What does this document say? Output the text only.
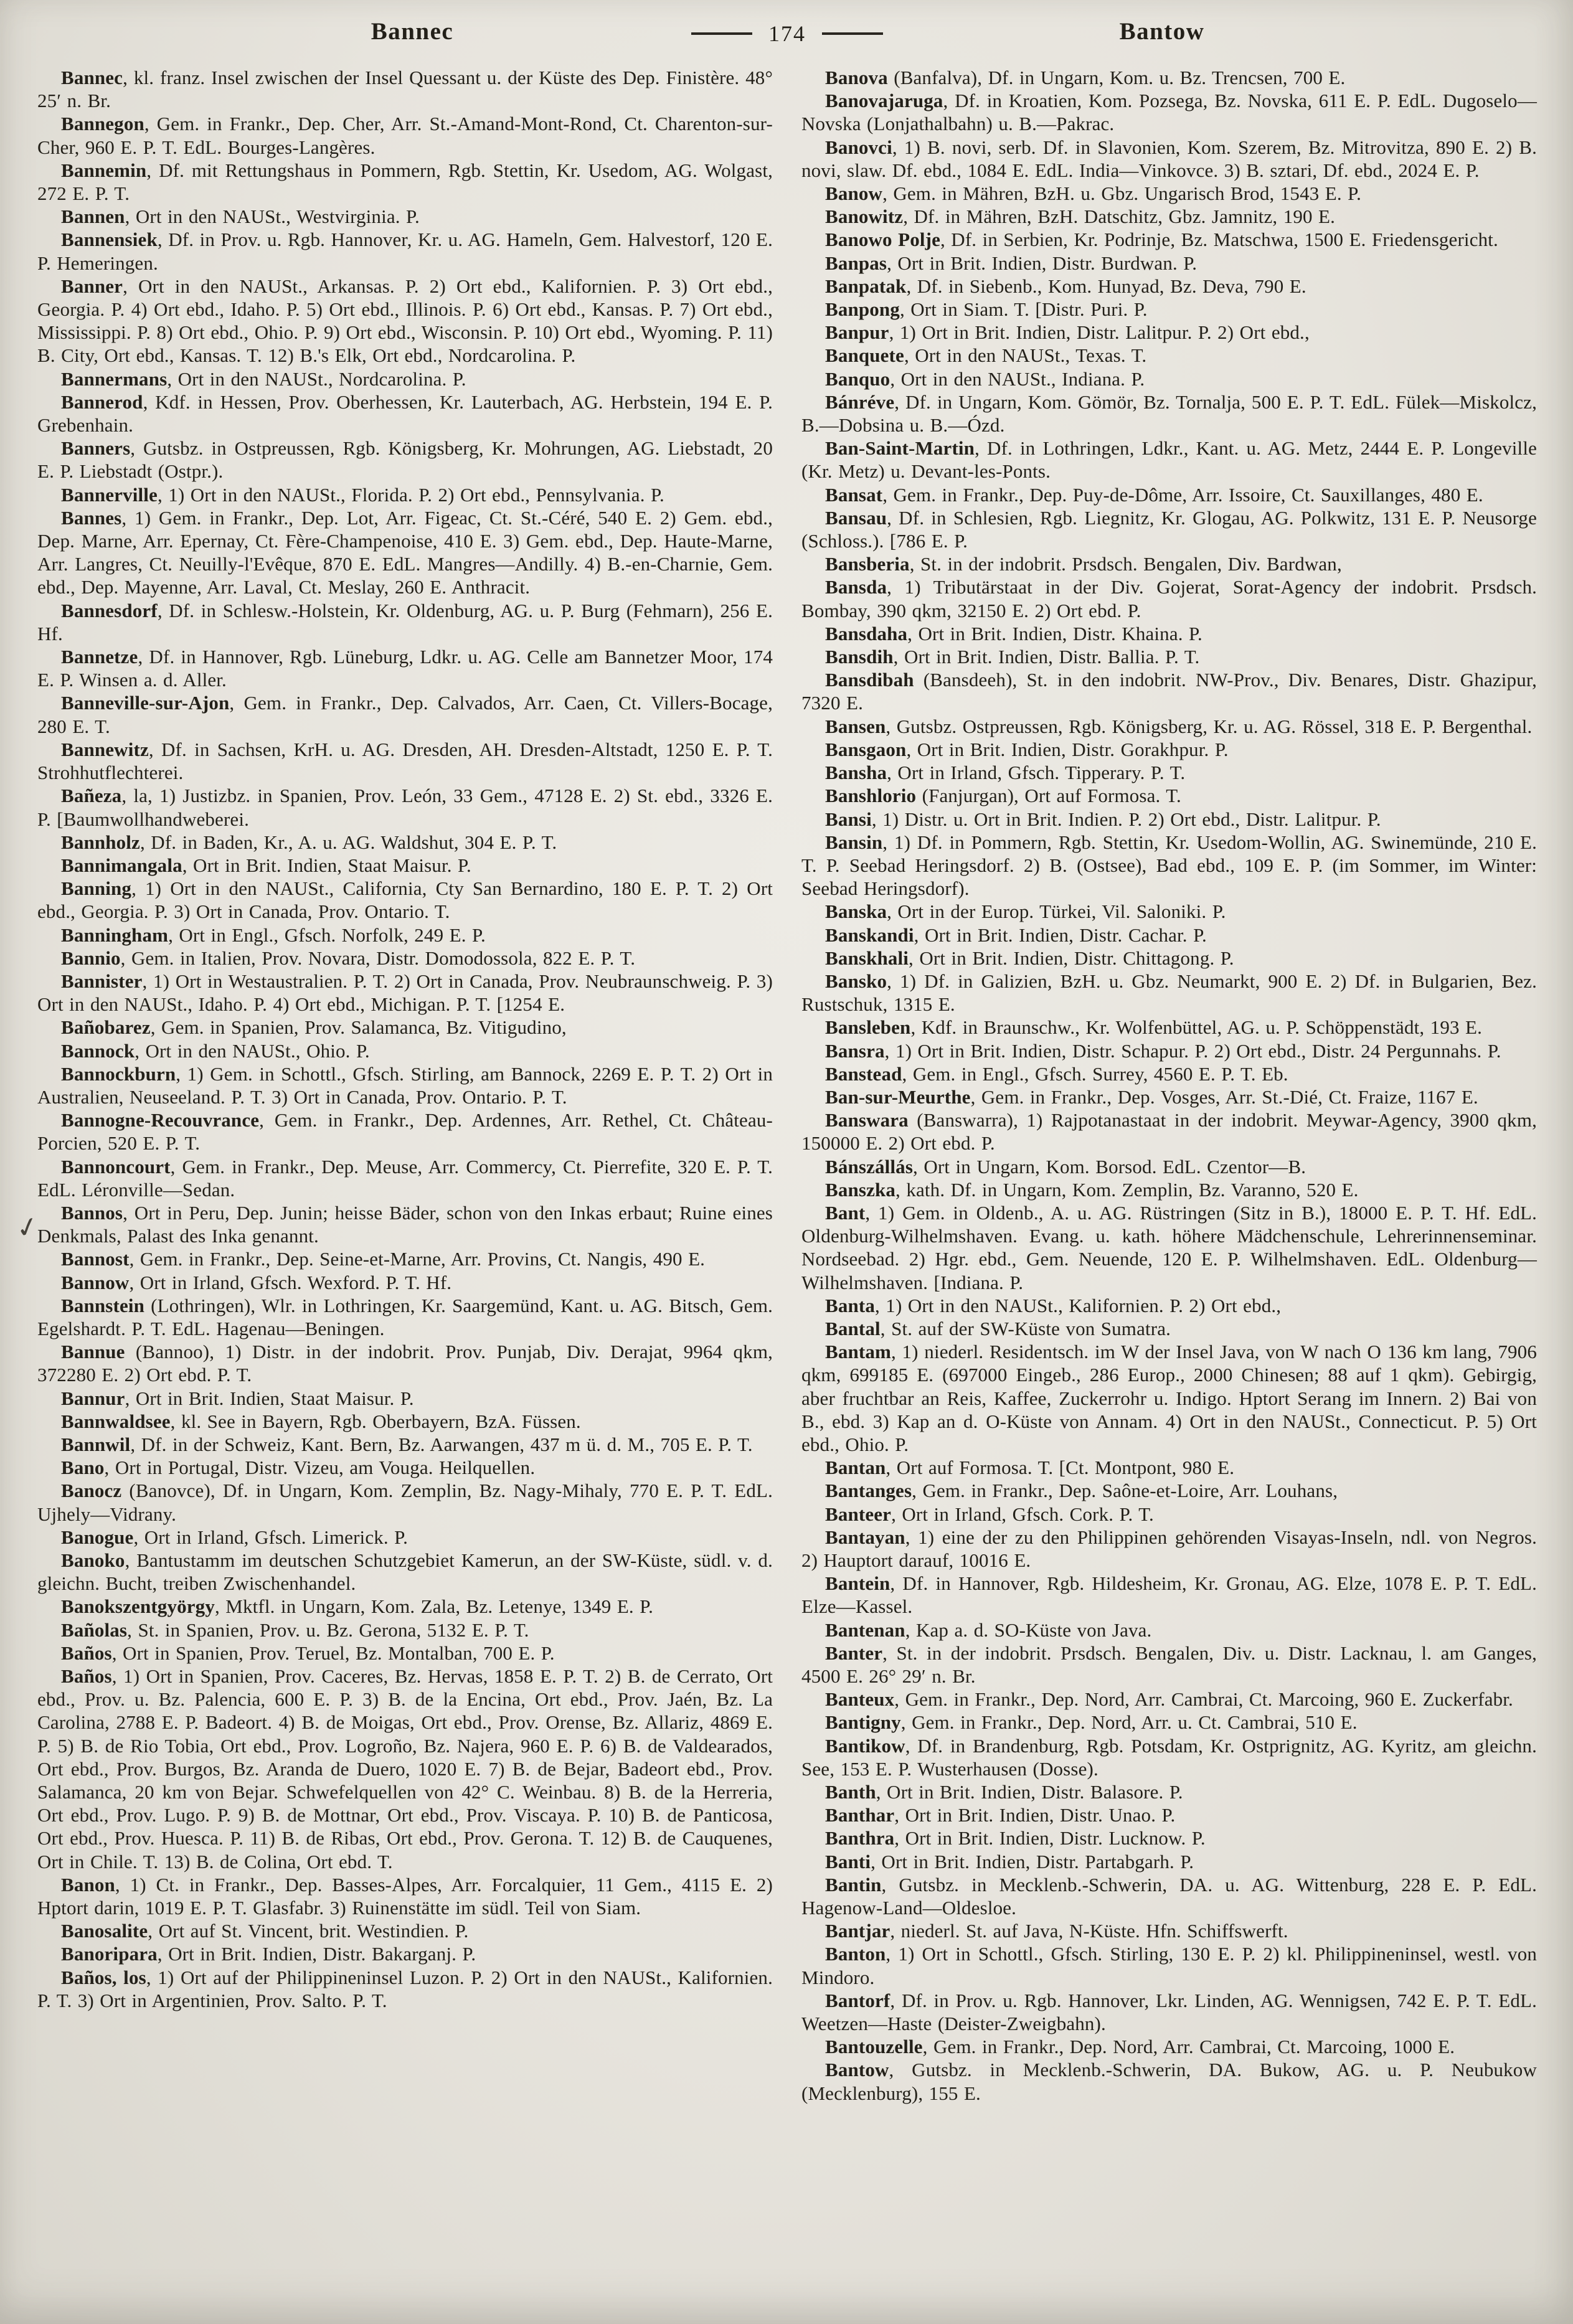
Bannec	174	Bantow

Bannec, kl. franz. Insel zwischen der Insel Quessant u. der Küste des Dep. Finistère. 48° 25′ n. Br.

Bannegon, Gem. in Frankr., Dep. Cher, Arr. St.-Amand-Mont-Rond, Ct. Charenton-sur-Cher, 960 E. P. T. EdL. Bourges-Langères.

Bannemin, Df. mit Rettungshaus in Pommern, Rgb. Stettin, Kr. Usedom, AG. Wolgast, 272 E. P. T.

Bannen, Ort in den NAUSt., Westvirginia. P.

Bannensiek, Df. in Prov. u. Rgb. Hannover, Kr. u. AG. Hameln, Gem. Halvestorf, 120 E. P. Hemeringen.

Banner, Ort in den NAUSt., Arkansas. P. 2) Ort ebd., Kalifornien. P. 3) Ort ebd., Georgia. P. 4) Ort ebd., Idaho. P. 5) Ort ebd., Illinois. P. 6) Ort ebd., Kansas. P. 7) Ort ebd., Mississippi. P. 8) Ort ebd., Ohio. P. 9) Ort ebd., Wisconsin. P. 10) Ort ebd., Wyoming. P. 11) B. City, Ort ebd., Kansas. T. 12) B.'s Elk, Ort ebd., Nordcarolina. P.

Bannermans, Ort in den NAUSt., Nordcarolina. P.

Bannerod, Kdf. in Hessen, Prov. Oberhessen, Kr. Lauterbach, AG. Herbstein, 194 E. P. Grebenhain.

Banners, Gutsbz. in Ostpreussen, Rgb. Königsberg, Kr. Mohrungen, AG. Liebstadt, 20 E. P. Liebstadt (Ostpr.).

Bannerville, 1) Ort in den NAUSt., Florida. P. 2) Ort ebd., Pennsylvania. P.

Bannes, 1) Gem. in Frankr., Dep. Lot, Arr. Figeac, Ct. St.-Céré, 540 E. 2) Gem. ebd., Dep. Marne, Arr. Epernay, Ct. Fère-Champenoise, 410 E. 3) Gem. ebd., Dep. Haute-Marne, Arr. Langres, Ct. Neuilly-l'Evêque, 870 E. EdL. Mangres—Andilly. 4) B.-en-Charnie, Gem. ebd., Dep. Mayenne, Arr. Laval, Ct. Meslay, 260 E. Anthracit.

Bannesdorf, Df. in Schlesw.-Holstein, Kr. Oldenburg, AG. u. P. Burg (Fehmarn), 256 E. Hf.

Bannetze, Df. in Hannover, Rgb. Lüneburg, Ldkr. u. AG. Celle am Bannetzer Moor, 174 E. P. Winsen a. d. Aller.

Banneville-sur-Ajon, Gem. in Frankr., Dep. Calvados, Arr. Caen, Ct. Villers-Bocage, 280 E. T.

Bannewitz, Df. in Sachsen, KrH. u. AG. Dresden, AH. Dresden-Altstadt, 1250 E. P. T. Strohhutflechterei.

Bañeza, la, 1) Justizbz. in Spanien, Prov. León, 33 Gem., 47128 E. 2) St. ebd., 3326 E. P. [Baumwollhandweberei.

Bannholz, Df. in Baden, Kr., A. u. AG. Waldshut, 304 E. P. T.

Bannimangala, Ort in Brit. Indien, Staat Maisur. P.

Banning, 1) Ort in den NAUSt., California, Cty San Bernardino, 180 E. P. T. 2) Ort ebd., Georgia. P. 3) Ort in Canada, Prov. Ontario. T.

Banningham, Ort in Engl., Gfsch. Norfolk, 249 E. P.

Bannio, Gem. in Italien, Prov. Novara, Distr. Domodossola, 822 E. P. T.

Bannister, 1) Ort in Westaustralien. P. T. 2) Ort in Canada, Prov. Neubraunschweig. P. 3) Ort in den NAUSt., Idaho. P. 4) Ort ebd., Michigan. P. T. [1254 E.

Bañobarez, Gem. in Spanien, Prov. Salamanca, Bz. Vitigudino,

Bannock, Ort in den NAUSt., Ohio. P.

Bannockburn, 1) Gem. in Schottl., Gfsch. Stirling, am Bannock, 2269 E. P. T. 2) Ort in Australien, Neuseeland. P. T. 3) Ort in Canada, Prov. Ontario. P. T.

Bannogne-Recouvrance, Gem. in Frankr., Dep. Ardennes, Arr. Rethel, Ct. Château-Porcien, 520 E. P. T.

Bannoncourt, Gem. in Frankr., Dep. Meuse, Arr. Commercy, Ct. Pierrefite, 320 E. P. T. EdL. Léronville—Sedan.

Bannos, Ort in Peru, Dep. Junin; heisse Bäder, schon von den Inkas erbaut; Ruine eines Denkmals, Palast des Inka genannt.

Bannost, Gem. in Frankr., Dep. Seine-et-Marne, Arr. Provins, Ct. Nangis, 490 E.

Bannow, Ort in Irland, Gfsch. Wexford. P. T. Hf.

Bannstein (Lothringen), Wlr. in Lothringen, Kr. Saargemünd, Kant. u. AG. Bitsch, Gem. Egelshardt. P. T. EdL. Hagenau—Beningen.

Bannue (Bannoo), 1) Distr. in der indobrit. Prov. Punjab, Div. Derajat, 9964 qkm, 372280 E. 2) Ort ebd. P. T.

Bannur, Ort in Brit. Indien, Staat Maisur. P.

Bannwaldsee, kl. See in Bayern, Rgb. Oberbayern, BzA. Füssen.

Bannwil, Df. in der Schweiz, Kant. Bern, Bz. Aarwangen, 437 m ü. d. M., 705 E. P. T.

Bano, Ort in Portugal, Distr. Vizeu, am Vouga. Heilquellen.

Banocz (Banovce), Df. in Ungarn, Kom. Zemplin, Bz. Nagy-Mihaly, 770 E. P. T. EdL. Ujhely—Vidrany.

Banogue, Ort in Irland, Gfsch. Limerick. P.

Banoko, Bantustamm im deutschen Schutzgebiet Kamerun, an der SW-Küste, südl. v. d. gleichn. Bucht, treiben Zwischenhandel.

Banokszentgyörgy, Mktfl. in Ungarn, Kom. Zala, Bz. Letenye, 1349 E. P.

Bañolas, St. in Spanien, Prov. u. Bz. Gerona, 5132 E. P. T.

Baños, Ort in Spanien, Prov. Teruel, Bz. Montalban, 700 E. P.

Baños, 1) Ort in Spanien, Prov. Caceres, Bz. Hervas, 1858 E. P. T. 2) B. de Cerrato, Ort ebd., Prov. u. Bz. Palencia, 600 E. P. 3) B. de la Encina, Ort ebd., Prov. Jaén, Bz. La Carolina, 2788 E. P. Badeort. 4) B. de Moigas, Ort ebd., Prov. Orense, Bz. Allariz, 4869 E. P. 5) B. de Rio Tobia, Ort ebd., Prov. Logroño, Bz. Najera, 960 E. P. 6) B. de Valdearados, Ort ebd., Prov. Burgos, Bz. Aranda de Duero, 1020 E. 7) B. de Bejar, Badeort ebd., Prov. Salamanca, 20 km von Bejar. Schwefelquellen von 42° C. Weinbau. 8) B. de la Herreria, Ort ebd., Prov. Lugo. P. 9) B. de Mottnar, Ort ebd., Prov. Viscaya. P. 10) B. de Panticosa, Ort ebd., Prov. Huesca. P. 11) B. de Ribas, Ort ebd., Prov. Gerona. T. 12) B. de Cauquenes, Ort in Chile. T. 13) B. de Colina, Ort ebd. T.

Banon, 1) Ct. in Frankr., Dep. Basses-Alpes, Arr. Forcalquier, 11 Gem., 4115 E. 2) Hptort darin, 1019 E. P. T. Glasfabr. 3) Ruinenstätte im südl. Teil von Siam.

Banosalite, Ort auf St. Vincent, brit. Westindien. P.

Banoripara, Ort in Brit. Indien, Distr. Bakarganj. P.

Baños, los, 1) Ort auf der Philippineninsel Luzon. P. 2) Ort in den NAUSt., Kalifornien. P. T. 3) Ort in Argentinien, Prov. Salto. P. T.

Banova (Banfalva), Df. in Ungarn, Kom. u. Bz. Trencsen, 700 E.

Banovajaruga, Df. in Kroatien, Kom. Pozsega, Bz. Novska, 611 E. P. EdL. Dugoselo—Novska (Lonjathalbahn) u. B.—Pakrac.

Banovci, 1) B. novi, serb. Df. in Slavonien, Kom. Szerem, Bz. Mitrovitza, 890 E. 2) B. novi, slaw. Df. ebd., 1084 E. EdL. India—Vinkovce. 3) B. sztari, Df. ebd., 2024 E. P.

Banow, Gem. in Mähren, BzH. u. Gbz. Ungarisch Brod, 1543 E. P.

Banowitz, Df. in Mähren, BzH. Datschitz, Gbz. Jamnitz, 190 E.

Banowo Polje, Df. in Serbien, Kr. Podrinje, Bz. Matschwa, 1500 E. Friedensgericht.

Banpas, Ort in Brit. Indien, Distr. Burdwan. P.

Banpatak, Df. in Siebenb., Kom. Hunyad, Bz. Deva, 790 E.

Banpong, Ort in Siam. T. [Distr. Puri. P.

Banpur, 1) Ort in Brit. Indien, Distr. Lalitpur. P. 2) Ort ebd.,

Banquete, Ort in den NAUSt., Texas. T.

Banquo, Ort in den NAUSt., Indiana. P.

Bánréve, Df. in Ungarn, Kom. Gömör, Bz. Tornalja, 500 E. P. T. EdL. Fülek—Miskolcz, B.—Dobsina u. B.—Ózd.

Ban-Saint-Martin, Df. in Lothringen, Ldkr., Kant. u. AG. Metz, 2444 E. P. Longeville (Kr. Metz) u. Devant-les-Ponts.

Bansat, Gem. in Frankr., Dep. Puy-de-Dôme, Arr. Issoire, Ct. Sauxillanges, 480 E.

Bansau, Df. in Schlesien, Rgb. Liegnitz, Kr. Glogau, AG. Polkwitz, 131 E. P. Neusorge (Schloss.). [786 E. P.

Bansberia, St. in der indobrit. Prsdsch. Bengalen, Div. Bardwan,

Bansda, 1) Tributärstaat in der Div. Gojerat, Sorat-Agency der indobrit. Prsdsch. Bombay, 390 qkm, 32150 E. 2) Ort ebd. P.

Bansdaha, Ort in Brit. Indien, Distr. Khaina. P.

Bansdih, Ort in Brit. Indien, Distr. Ballia. P. T.

Bansdibah (Bansdeeh), St. in den indobrit. NW-Prov., Div. Benares, Distr. Ghazipur, 7320 E.

Bansen, Gutsbz. Ostpreussen, Rgb. Königsberg, Kr. u. AG. Rössel, 318 E. P. Bergenthal.

Bansgaon, Ort in Brit. Indien, Distr. Gorakhpur. P.

Bansha, Ort in Irland, Gfsch. Tipperary. P. T.

Banshlorio (Fanjurgan), Ort auf Formosa. T.

Bansi, 1) Distr. u. Ort in Brit. Indien. P. 2) Ort ebd., Distr. Lalitpur. P.

Bansin, 1) Df. in Pommern, Rgb. Stettin, Kr. Usedom-Wollin, AG. Swinemünde, 210 E. T. P. Seebad Heringsdorf. 2) B. (Ostsee), Bad ebd., 109 E. P. (im Sommer, im Winter: Seebad Heringsdorf).

Banska, Ort in der Europ. Türkei, Vil. Saloniki. P.

Banskandi, Ort in Brit. Indien, Distr. Cachar. P.

Banskhali, Ort in Brit. Indien, Distr. Chittagong. P.

Bansko, 1) Df. in Galizien, BzH. u. Gbz. Neumarkt, 900 E. 2) Df. in Bulgarien, Bez. Rustschuk, 1315 E.

Bansleben, Kdf. in Braunschw., Kr. Wolfenbüttel, AG. u. P. Schöppenstädt, 193 E.

Bansra, 1) Ort in Brit. Indien, Distr. Schapur. P. 2) Ort ebd., Distr. 24 Pergunnahs. P.

Banstead, Gem. in Engl., Gfsch. Surrey, 4560 E. P. T. Eb.

Ban-sur-Meurthe, Gem. in Frankr., Dep. Vosges, Arr. St.-Dié, Ct. Fraize, 1167 E.

Banswara (Banswarra), 1) Rajpotanastaat in der indobrit. Meywar-Agency, 3900 qkm, 150000 E. 2) Ort ebd. P.

Bánszállás, Ort in Ungarn, Kom. Borsod. EdL. Czentor—B.

Banszka, kath. Df. in Ungarn, Kom. Zemplin, Bz. Varanno, 520 E.

Bant, 1) Gem. in Oldenb., A. u. AG. Rüstringen (Sitz in B.), 18000 E. P. T. Hf. EdL. Oldenburg-Wilhelmshaven. Evang. u. kath. höhere Mädchenschule, Lehrerinnenseminar. Nordseebad. 2) Hgr. ebd., Gem. Neuende, 120 E. P. Wilhelmshaven. EdL. Oldenburg—Wilhelmshaven. [Indiana. P.

Banta, 1) Ort in den NAUSt., Kalifornien. P. 2) Ort ebd.,

Bantal, St. auf der SW-Küste von Sumatra.

Bantam, 1) niederl. Residentsch. im W der Insel Java, von W nach O 136 km lang, 7906 qkm, 699185 E. (697000 Eingeb., 286 Europ., 2000 Chinesen; 88 auf 1 qkm). Gebirgig, aber fruchtbar an Reis, Kaffee, Zuckerrohr u. Indigo. Hptort Serang im Innern. 2) Bai von B., ebd. 3) Kap an d. O-Küste von Annam. 4) Ort in den NAUSt., Connecticut. P. 5) Ort ebd., Ohio. P.

Bantan, Ort auf Formosa. T. [Ct. Montpont, 980 E.

Bantanges, Gem. in Frankr., Dep. Saône-et-Loire, Arr. Louhans,

Banteer, Ort in Irland, Gfsch. Cork. P. T.

Bantayan, 1) eine der zu den Philippinen gehörenden Visayas-Inseln, ndl. von Negros. 2) Hauptort darauf, 10016 E.

Bantein, Df. in Hannover, Rgb. Hildesheim, Kr. Gronau, AG. Elze, 1078 E. P. T. EdL. Elze—Kassel.

Bantenan, Kap a. d. SO-Küste von Java.

Banter, St. in der indobrit. Prsdsch. Bengalen, Div. u. Distr. Lacknau, l. am Ganges, 4500 E. 26° 29′ n. Br.

Banteux, Gem. in Frankr., Dep. Nord, Arr. Cambrai, Ct. Marcoing, 960 E. Zuckerfabr.

Bantigny, Gem. in Frankr., Dep. Nord, Arr. u. Ct. Cambrai, 510 E.

Bantikow, Df. in Brandenburg, Rgb. Potsdam, Kr. Ostprignitz, AG. Kyritz, am gleichn. See, 153 E. P. Wusterhausen (Dosse).

Banth, Ort in Brit. Indien, Distr. Balasore. P.

Banthar, Ort in Brit. Indien, Distr. Unao. P.

Banthra, Ort in Brit. Indien, Distr. Lucknow. P.

Banti, Ort in Brit. Indien, Distr. Partabgarh. P.

Bantin, Gutsbz. in Mecklenb.-Schwerin, DA. u. AG. Wittenburg, 228 E. P. EdL. Hagenow-Land—Oldesloe.

Bantjar, niederl. St. auf Java, N-Küste. Hfn. Schiffswerft.

Banton, 1) Ort in Schottl., Gfsch. Stirling, 130 E. P. 2) kl. Philippineninsel, westl. von Mindoro.

Bantorf, Df. in Prov. u. Rgb. Hannover, Lkr. Linden, AG. Wennigsen, 742 E. P. T. EdL. Weetzen—Haste (Deister-Zweigbahn).

Bantouzelle, Gem. in Frankr., Dep. Nord, Arr. Cambrai, Ct. Marcoing, 1000 E.

Bantow, Gutsbz. in Mecklenb.-Schwerin, DA. Bukow, AG. u. P. Neubukow (Mecklenburg), 155 E.

✓
